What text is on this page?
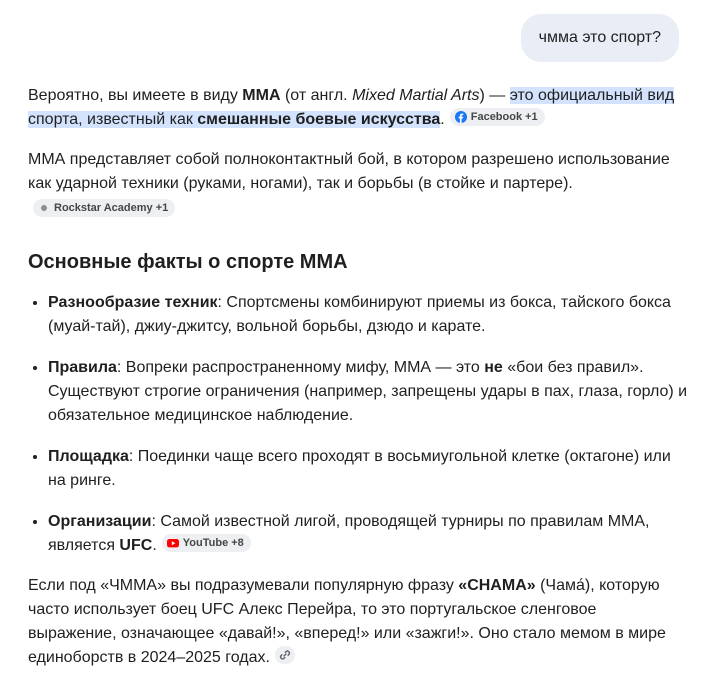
чмма это спорт?

Вероятно, вы имеете в виду ММА (от англ. Mixed Martial Arts) — это официальный вид спорта, известный как смешанные боевые искусства. Facebook +1

ММА представляет собой полноконтактный бой, в котором разрешено использование как ударной техники (руками, ногами), так и борьбы (в стойке и партере).
Rockstar Academy +1

Основные факты о спорте ММА
• Разнообразие техник: Спортсмены комбинируют приемы из бокса, тайского бокса (муай-тай), джиу-джитсу, вольной борьбы, дзюдо и карате.
• Правила: Вопреки распространенному мифу, ММА — это не «бои без правил». Существуют строгие ограничения (например, запрещены удары в пах, глаза, горло) и обязательное медицинское наблюдение.
• Площадка: Поединки чаще всего проходят в восьмиугольной клетке (октагоне) или на ринге.
• Организации: Самой известной лигой, проводящей турниры по правилам ММА, является UFC. YouTube +8

Если под «ЧММА» вы подразумевали популярную фразу «CHAMA» (Чама́), которую часто использует боец UFC Алекс Перейра, то это португальское сленговое выражение, означающее «давай!», «вперед!» или «зажги!». Оно стало мемом в мире единоборств в 2024–2025 годах.
